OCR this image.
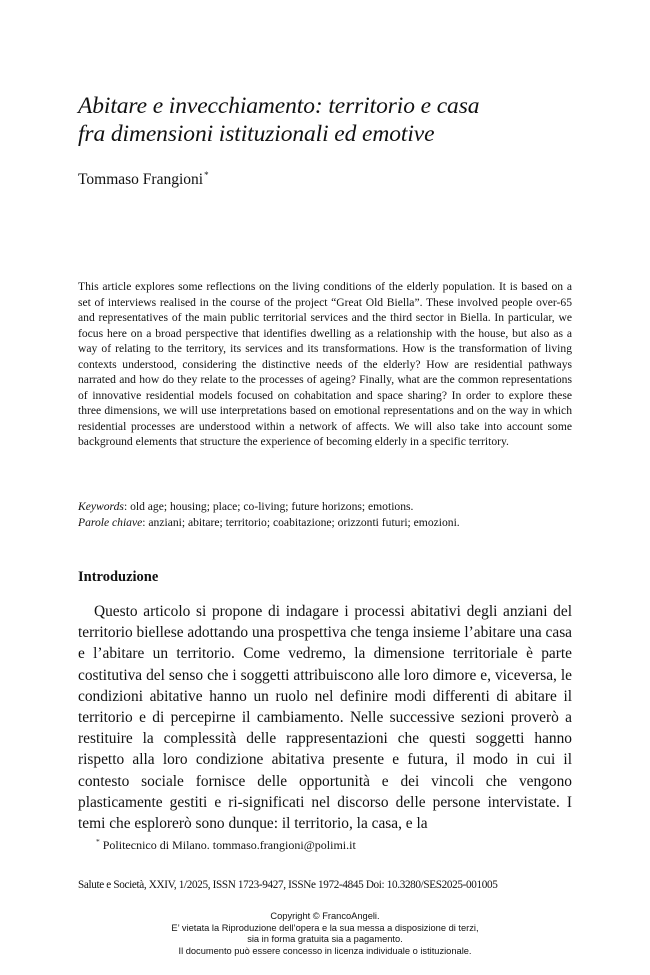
Abitare e invecchiamento: territorio e casa
fra dimensioni istituzionali ed emotive
Tommaso Frangioni*

This article explores some reflections on the living conditions of the elderly population. It is based on a set of interviews realised in the course of the project “Great Old Biella”. These involved people over-65 and representatives of the main public territorial services and the third sector in Biella. In particular, we focus here on a broad perspective that identifies dwelling as a relationship with the house, but also as a way of relating to the territory, its services and its transformations. How is the transformation of living contexts understood, considering the distinctive needs of the elderly? How are residential pathways narrated and how do they relate to the processes of ageing? Finally, what are the common representations of innovative residential models focused on cohabitation and space sharing? In order to explore these three dimensions, we will use interpretations based on emotional representations and on the way in which residential processes are understood within a network of affects. We will also take into account some background elements that structure the experience of becoming elderly in a specific territory.

Keywords: old age; housing; place; co-living; future horizons; emotions.
Parole chiave: anziani; abitare; territorio; coabitazione; orizzonti futuri; emozioni.
Introduzione

Questo articolo si propone di indagare i processi abitativi degli anziani del territorio biellese adottando una prospettiva che tenga insieme l’abitare una casa e l’abitare un territorio. Come vedremo, la dimensione territoriale è parte costitutiva del senso che i soggetti attribuiscono alle loro dimore e, viceversa, le condizioni abitative hanno un ruolo nel definire modi differenti di abitare il territorio e di percepirne il cambiamento. Nelle successive sezioni proverò a restituire la complessità delle rappresentazioni che questi soggetti hanno rispetto alla loro condizione abitativa presente e futura, il modo in cui il contesto sociale fornisce delle opportunità e dei vincoli che vengono plasticamente gestiti e ri-significati nel discorso delle persone intervistate. I temi che esplorerò sono dunque: il territorio, la casa, e la

* Politecnico di Milano. tommaso.frangioni@polimi.it
Salute e Società, XXIV, 1/2025, ISSN 1723-9427, ISSNe 1972-4845 Doi: 10.3280/SES2025-001005
Copyright © FrancoAngeli.
E’ vietata la Riproduzione dell’opera e la sua messa a disposizione di terzi,
sia in forma gratuita sia a pagamento.
Il documento può essere concesso in licenza individuale o istituzionale.
